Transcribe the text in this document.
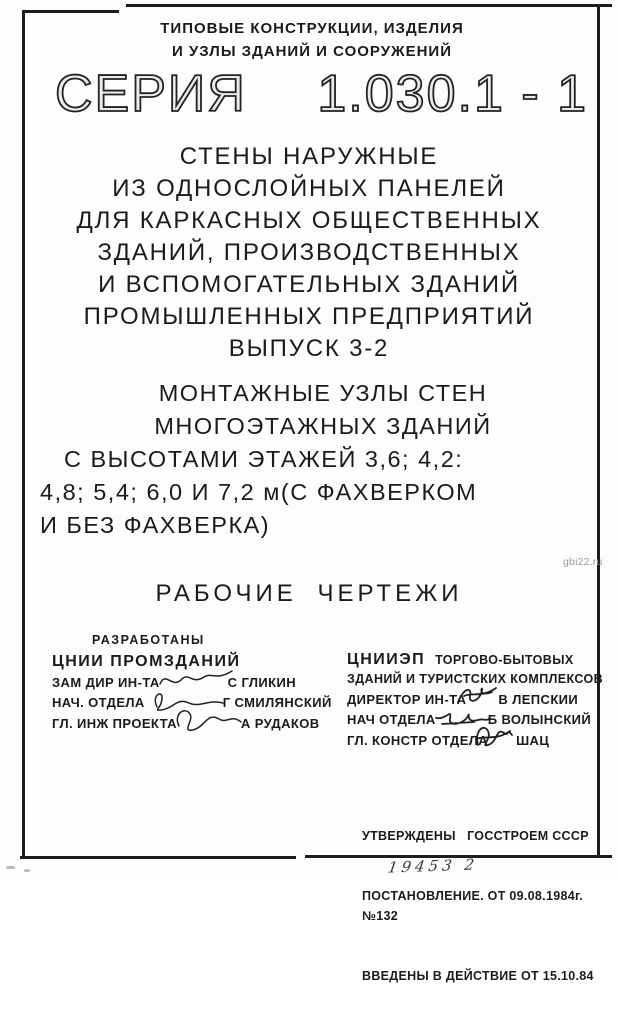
ТИПОВЫЕ КОНСТРУКЦИИ, ИЗДЕЛИЯ
И УЗЛЫ ЗДАНИЙ И СООРУЖЕНИЙ
СЕРИЯ 1.030.1 - 1
СТЕНЫ НАРУЖНЫЕ
ИЗ ОДНОСЛОЙНЫХ ПАНЕЛЕЙ
ДЛЯ КАРКАСНЫХ ОБЩЕСТВЕННЫХ
ЗДАНИЙ, ПРОИЗВОДСТВЕННЫХ
И ВСПОМОГАТЕЛЬНЫХ ЗДАНИЙ
ПРОМЫШЛЕННЫХ ПРЕДПРИЯТИЙ
ВЫПУСК 3-2
МОНТАЖНЫЕ УЗЛЫ СТЕН
МНОГОЭТАЖНЫХ ЗДАНИЙ
С ВЫСОТАМИ ЭТАЖЕЙ 3,6; 4,2:
4,8; 5,4; 6,0 И 7,2 м(С ФАХВЕРКОМ
И БЕЗ ФАХВЕРКА)
РАБОЧИЕ ЧЕРТЕЖИ
РАЗРАБОТАНЫ
ЦНИИ ПРОМЗДАНИЙ
ЗАМ ДИР ИН-ТА	С ГЛИКИН
НАЧ. ОТДЕЛА	Г СМИЛЯНСКИЙ
ГЛ. ИНЖ ПРОЕКТА	А РУДАКОВ
ЦНИИЭП ТОРГОВО-БЫТОВЫХ
ЗДАНИЙ И ТУРИСТСКИХ КОМПЛЕКСОВ
ДИРЕКТОР ИН-ТА В ЛЕПСКИИ
НАЧ ОТДЕЛА	Б ВОЛЫНСКИЙ
ГЛ. КОНСТР ОТДЕЛА ШАЦ

УТВЕРЖДЕНЫ   ГОССТРОЕМ СССР

ПОСТАНОВЛЕНИЕ. ОТ 09.08.1984г.№132

ВВЕДЕНЫ В ДЕЙСТВИЕ ОТ 15.10.84

gbi22.ru
19453 2
